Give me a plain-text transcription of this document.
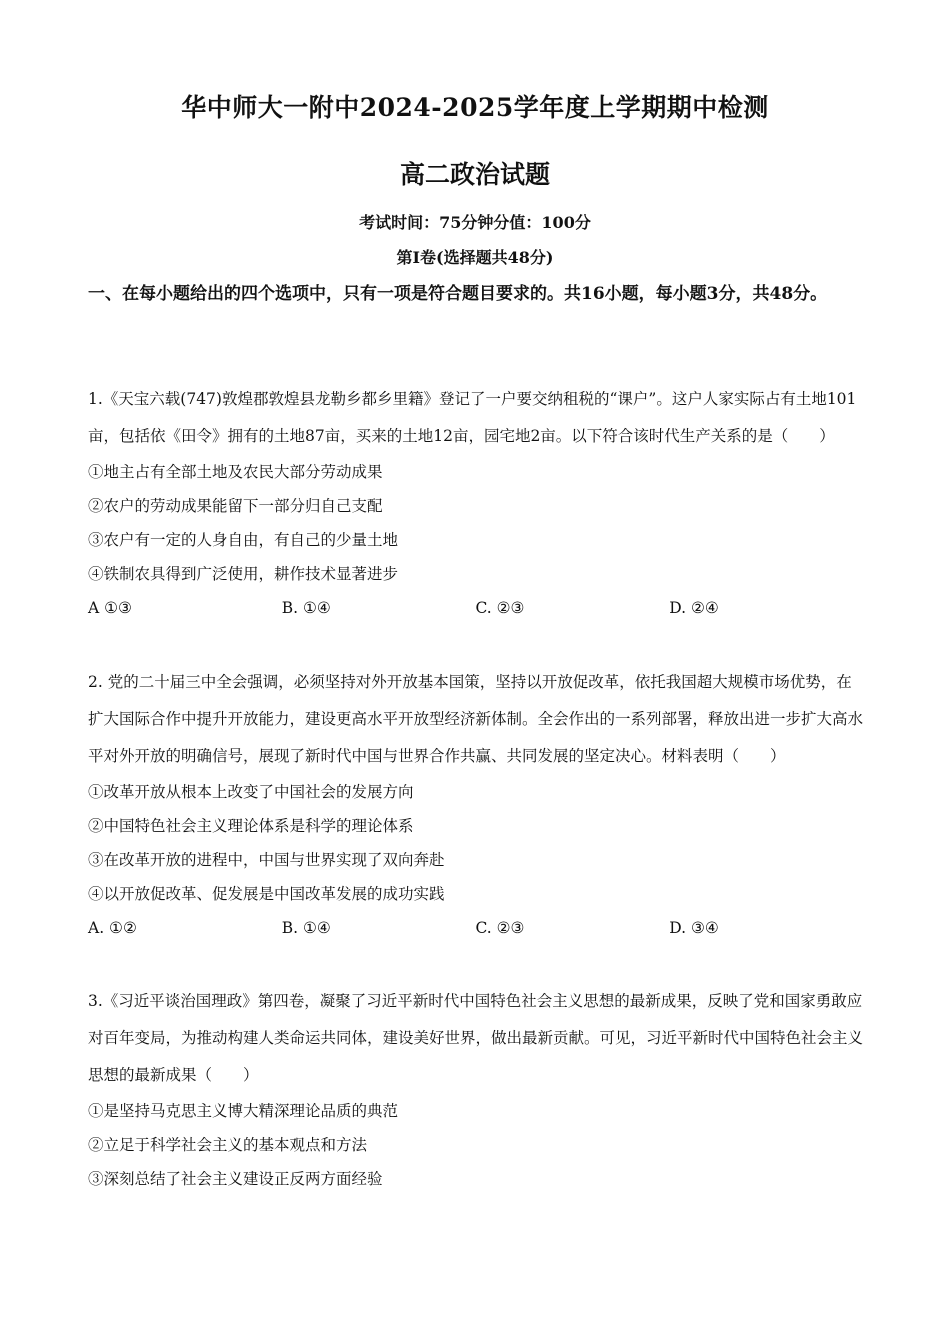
华中师大一附中2024-2025学年度上学期期中检测
高二政治试题
考试时间：75分钟分值：100分
第I卷(选择题共48分)
一、在每小题给出的四个选项中，只有一项是符合题目要求的。共16小题，每小题3分，共48分。

1.《天宝六载(747)敦煌郡敦煌县龙勒乡都乡里籍》登记了一户要交纳租税的“课户”。这户人家实际占有土地101亩，包括依《田令》拥有的土地87亩，买来的土地12亩，园宅地2亩。以下符合该时代生产关系的是（　　）

①地主占有全部土地及农民大部分劳动成果
②农户的劳动成果能留下一部分归自己支配
③农户有一定的人身自由，有自己的少量土地
④铁制农具得到广泛使用，耕作技术显著进步
A ①③	B. ①④	C. ②③	D. ②④

2. 党的二十届三中全会强调，必须坚持对外开放基本国策，坚持以开放促改革，依托我国超大规模市场优势，在扩大国际合作中提升开放能力，建设更高水平开放型经济新体制。全会作出的一系列部署，释放出进一步扩大高水平对外开放的明确信号，展现了新时代中国与世界合作共赢、共同发展的坚定决心。材料表明（　　）

①改革开放从根本上改变了中国社会的发展方向
②中国特色社会主义理论体系是科学的理论体系
③在改革开放的进程中，中国与世界实现了双向奔赴
④以开放促改革、促发展是中国改革发展的成功实践
A. ①②	B. ①④	C. ②③	D. ③④

3.《习近平谈治国理政》第四卷，凝聚了习近平新时代中国特色社会主义思想的最新成果，反映了党和国家勇敢应对百年变局，为推动构建人类命运共同体，建设美好世界，做出最新贡献。可见，习近平新时代中国特色社会主义思想的最新成果（　　）

①是坚持马克思主义博大精深理论品质的典范
②立足于科学社会主义的基本观点和方法
③深刻总结了社会主义建设正反两方面经验
